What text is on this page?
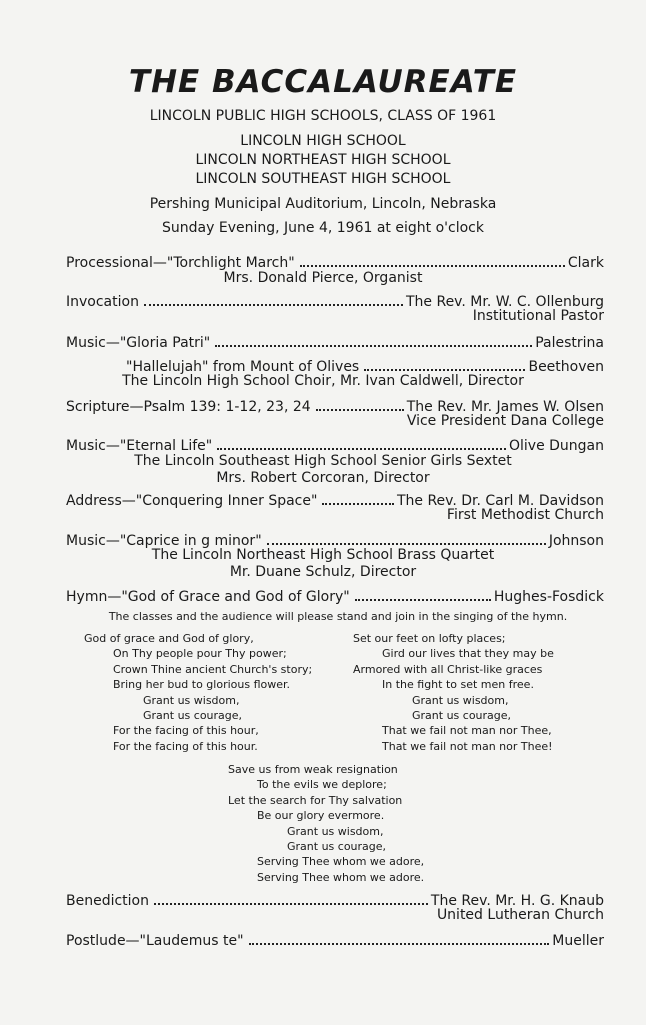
THE BACCALAUREATE
LINCOLN PUBLIC HIGH SCHOOLS, CLASS OF 1961
LINCOLN HIGH SCHOOL
LINCOLN NORTHEAST HIGH SCHOOL
LINCOLN SOUTHEAST HIGH SCHOOL
Pershing Municipal Auditorium, Lincoln, Nebraska
Sunday Evening, June 4, 1961 at eight o'clock
Processional—"Torchlight March"	Clark
Mrs. Donald Pierce, Organist
Invocation	The Rev. Mr. W. C. Ollenburg
Institutional Pastor
Music—"Gloria Patri"	Palestrina
"Hallelujah" from Mount of Olives	Beethoven
The Lincoln High School Choir, Mr. Ivan Caldwell, Director
Scripture—Psalm 139: 1-12, 23, 24	The Rev. Mr. James W. Olsen
Vice President Dana College
Music—"Eternal Life"	Olive Dungan
The Lincoln Southeast High School Senior Girls Sextet
Mrs. Robert Corcoran, Director
Address—"Conquering Inner Space"	The Rev. Dr. Carl M. Davidson
First Methodist Church
Music—"Caprice in g minor"	Johnson
The Lincoln Northeast High School Brass Quartet
Mr. Duane Schulz, Director
Hymn—"God of Grace and God of Glory"	Hughes-Fosdick
The classes and the audience will please stand and join in the singing of the hymn.
God of grace and God of glory,
On Thy people pour Thy power;
Crown Thine ancient Church's story;
Bring her bud to glorious flower.
Grant us wisdom,
Grant us courage,
For the facing of this hour,
For the facing of this hour.
Set our feet on lofty places;
Gird our lives that they may be
Armored with all Christ-like graces
In the fight to set men free.
Grant us wisdom,
Grant us courage,
That we fail not man nor Thee,
That we fail not man nor Thee!
Save us from weak resignation
To the evils we deplore;
Let the search for Thy salvation
Be our glory evermore.
Grant us wisdom,
Grant us courage,
Serving Thee whom we adore,
Serving Thee whom we adore.
Benediction	The Rev. Mr. H. G. Knaub
United Lutheran Church
Postlude—"Laudemus te"	Mueller
